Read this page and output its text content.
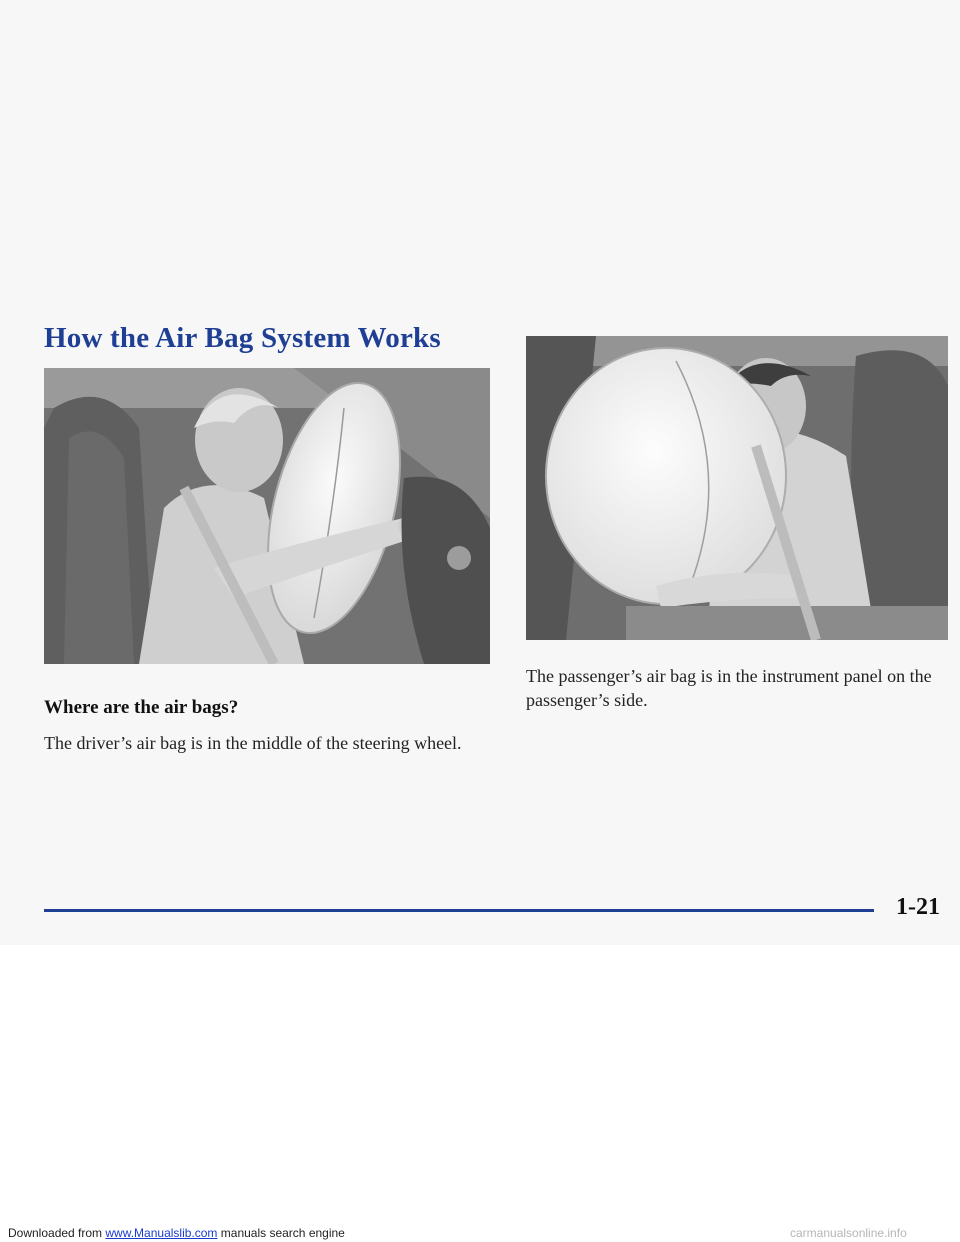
How the Air Bag System Works
Where are the air bags?
The driver’s air bag is in the middle of the steering wheel.
The passenger’s air bag is in the instrument panel on the passenger’s side.
1-21
Downloaded from www.Manualslib.com manuals search engine	carmanualsonline.info
